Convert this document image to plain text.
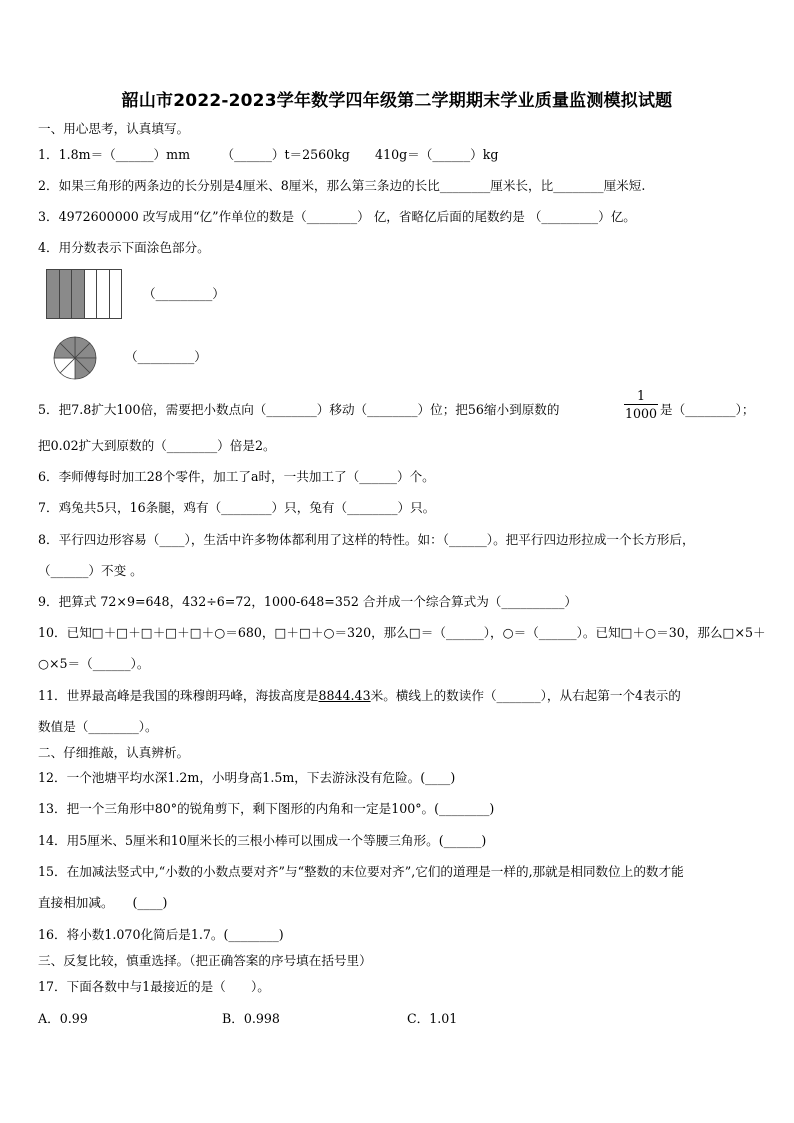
韶山市2022-2023学年数学四年级第二学期期末学业质量监测模拟试题
一、用心思考，认真填写。
1．1.8m＝（______）mm　　　（______）t＝2560kg　　410g＝（______）kg
2．如果三角形的两条边的长分别是4厘米、8厘米，那么第三条边的长比________厘米长，比________厘米短.
3．4972600000 改写成用“亿”作单位的数是（________） 亿，省略亿后面的尾数约是 （_________）亿。
4．用分数表示下面涂色部分。
（_________）
（_________）
5．把7.8扩大100倍，需要把小数点向（________）移动（________）位；把56缩小到原数的
1
1000 是（________）；
把0.02扩大到原数的（________）倍是2。
6．李师傅每时加工28个零件，加工了a时，一共加工了（______）个。
7．鸡兔共5只，16条腿，鸡有（________）只，兔有（________）只。
8．平行四边形容易（____），生活中许多物体都利用了这样的特性。如：（______）。把平行四边形拉成一个长方形后，
（______）不变 。
9．把算式 72×9=648，432÷6=72，1000-648=352 合并成一个综合算式为（__________）
10．已知□＋□＋□＋□＋□＋○＝680，□＋□＋○＝320，那么□＝（______），○＝（______）。已知□＋○＝30，那么□×5＋
○×5＝（______）。
11．世界最高峰是我国的珠穆朗玛峰，海拔高度是8844.43米。横线上的数读作（_______），从右起第一个4表示的
数值是（________）。
二、仔细推敲，认真辨析。
12．一个池塘平均水深1.2m，小明身高1.5m，下去游泳没有危险。(____)
13．把一个三角形中80°的锐角剪下，剩下图形的内角和一定是100°。(________)
14．用5厘米、5厘米和10厘米长的三根小棒可以围成一个等腰三角形。(______)
15．在加减法竖式中,“小数的小数点要对齐”与“整数的末位要对齐”,它们的道理是一样的,那就是相同数位上的数才能
直接相加减。　　(____)
16．将小数1.070化简后是1.7。(________)
三、反复比较，慎重选择。（把正确答案的序号填在括号里）
17．下面各数中与1最接近的是（　　）。
A．0.99	B．0.998	C．1.01
